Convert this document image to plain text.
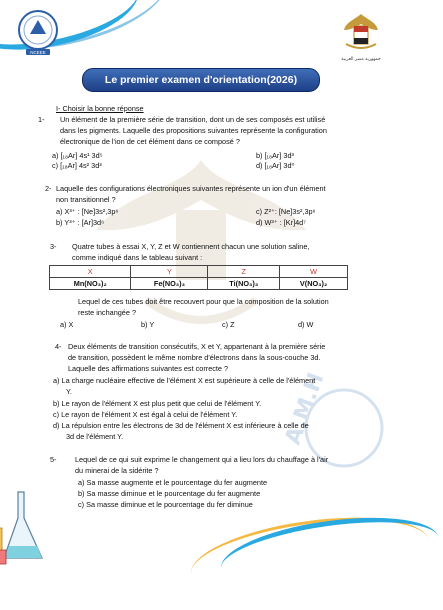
NCEEE
جمهورية مصر العربية
A.M.H
Le premier examen d'orientation(2026)
I- Choisir la bonne réponse
1- Un élément de la première série de transition, dont un de ses composés est utilisé
dans les pigments. Laquelle des propositions suivantes représente la configuration
électronique de l'ion de cet élément dans ce composé ?
a) [₁₈Ar] 4s¹ 3d⁵	b) [₁₈Ar] 3d³
c) [₁₈Ar] 4s² 3d³	d) [₁₈Ar] 3d⁰
2- Laquelle des configurations électroniques suivantes représente un ion d'un élément
non transitionnel ?
a) X³⁺ : [Ne]3s²,3p⁶	c) Z²⁺: [Ne]3s²,3p⁶
b) Y³⁺ : [Ar]3d⁶	d) W³⁺ : [Kr]4d⁷
3- Quatre tubes à essai X, Y, Z et W contiennent chacun une solution saline,
comme indiqué dans le tableau suivant :
X	Y	Z	W
Mn(NO₃)₂	Fe(NO₃)₃	Ti(NO₃)₃	V(NO₃)₂
Lequel de ces tubes doit être recouvert pour que la composition de la solution
reste inchangée ?
a) X	b) Y	c) Z	d) W
4- Deux éléments de transition consécutifs, X et Y, appartenant à la première série
de transition, possèdent le même nombre d'électrons dans la sous-couche 3d.
Laquelle des affirmations suivantes est correcte ?
a) La charge nucléaire effective de l'élément X est supérieure à celle de l'élément
Y.
b) Le rayon de l'élément X est plus petit que celui de l'élément Y.
c) Le rayon de l'élément X est égal à celui de l'élément Y.
d) La répulsion entre les électrons de 3d de l'élément X est inférieure à celle de
3d de l'élément Y.
5-	Lequel de ce qui suit exprime le changement qui a lieu lors du chauffage à l'air
du minerai de la sidérite ?
a) Sa masse augmente et le pourcentage du fer augmente
b) Sa masse diminue et le pourcentage du fer augmente
c) Sa masse diminue et le pourcentage du fer diminue
